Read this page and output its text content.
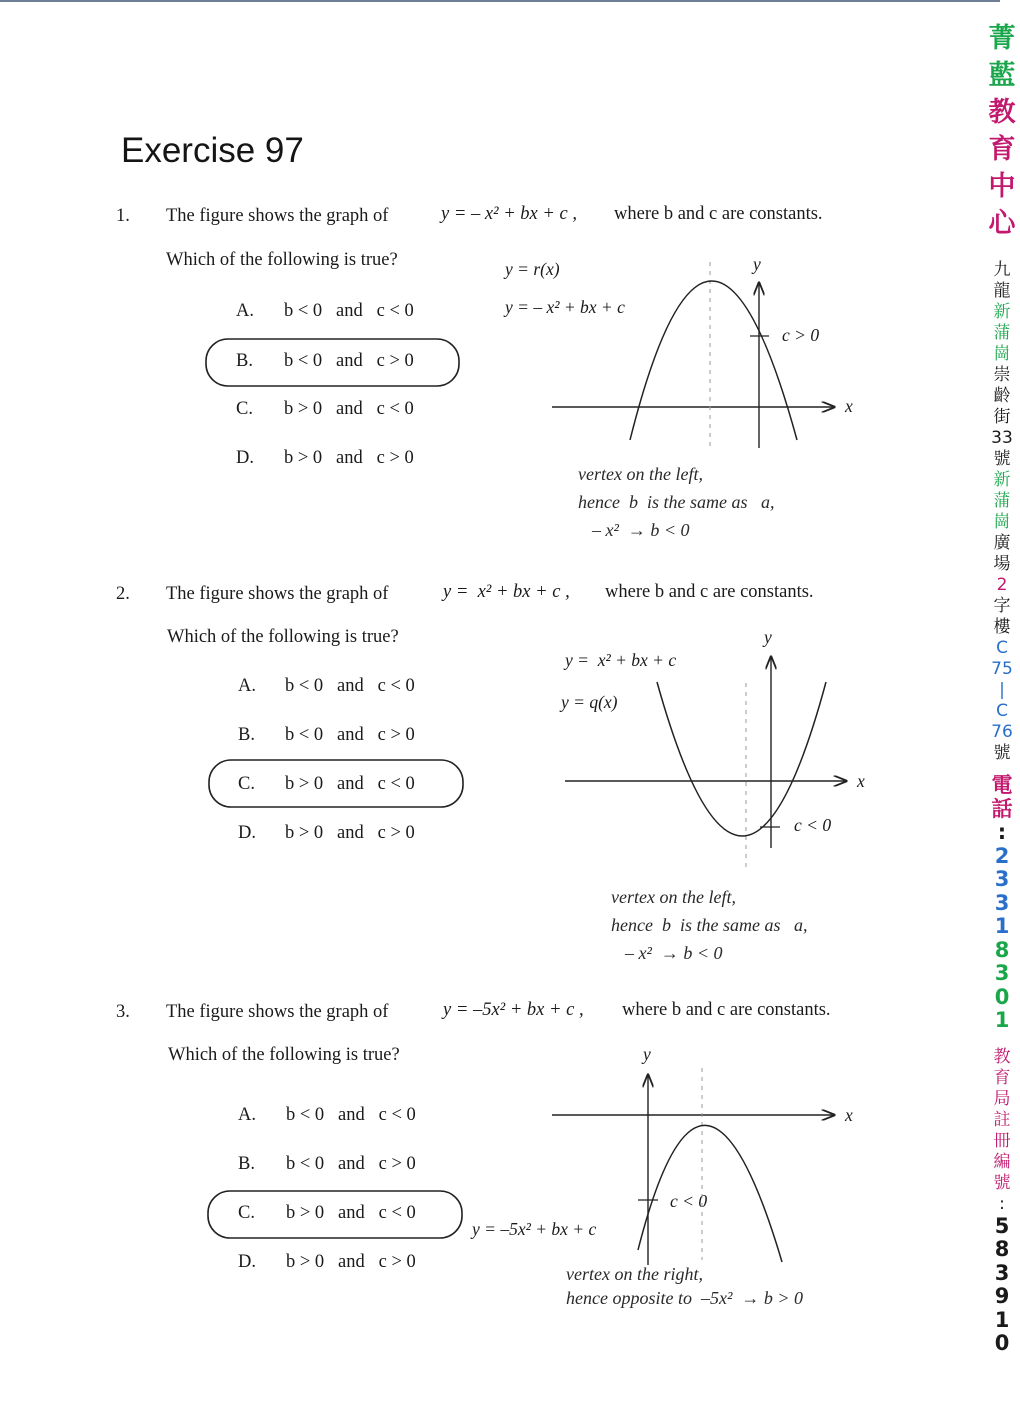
Exercise 97
1. The figure shows the graph of	y = – x² + bx + c , where b and c are constants.
Which of the following is true?
A. b < 0   and   c < 0
B. b < 0   and   c > 0
C. b > 0   and   c < 0
D. b > 0   and   c > 0
y = r(x)
y = – x² + bx + c
c > 0
x
y
vertex on the left,
hence  b  is the same as   a,
– x²  → b < 0
2. The figure shows the graph of	y =  x² + bx + c , where b and c are constants.
Which of the following is true?
A. b < 0   and   c < 0
B. b < 0   and   c > 0
C. b > 0   and   c < 0
D. b > 0   and   c > 0
y =  x² + bx + c
y = q(x)
c < 0
x
y
vertex on the left,
hence  b  is the same as   a,
– x²  → b < 0
3. The figure shows the graph of	y = –5x² + bx + c , where b and c are constants.
Which of the following is true?
A. b < 0   and   c < 0
B. b < 0   and   c > 0
C. b > 0   and   c < 0
D. b > 0   and   c > 0
y = –5x² + bx + c
c < 0
x
y
vertex on the right,
hence opposite to  –5x²  → b > 0
菁
藍
教
育
中
心
九
龍
新
蒲
崗
崇
齡
街
33
號
新
蒲
崗
廣
場
2
字
樓
C
75
|
C
76
號
電
話
:
2
3
3
1
8
3
0
1
教
育
局
註
冊
編
號
:
5
8
3
9
1
0
